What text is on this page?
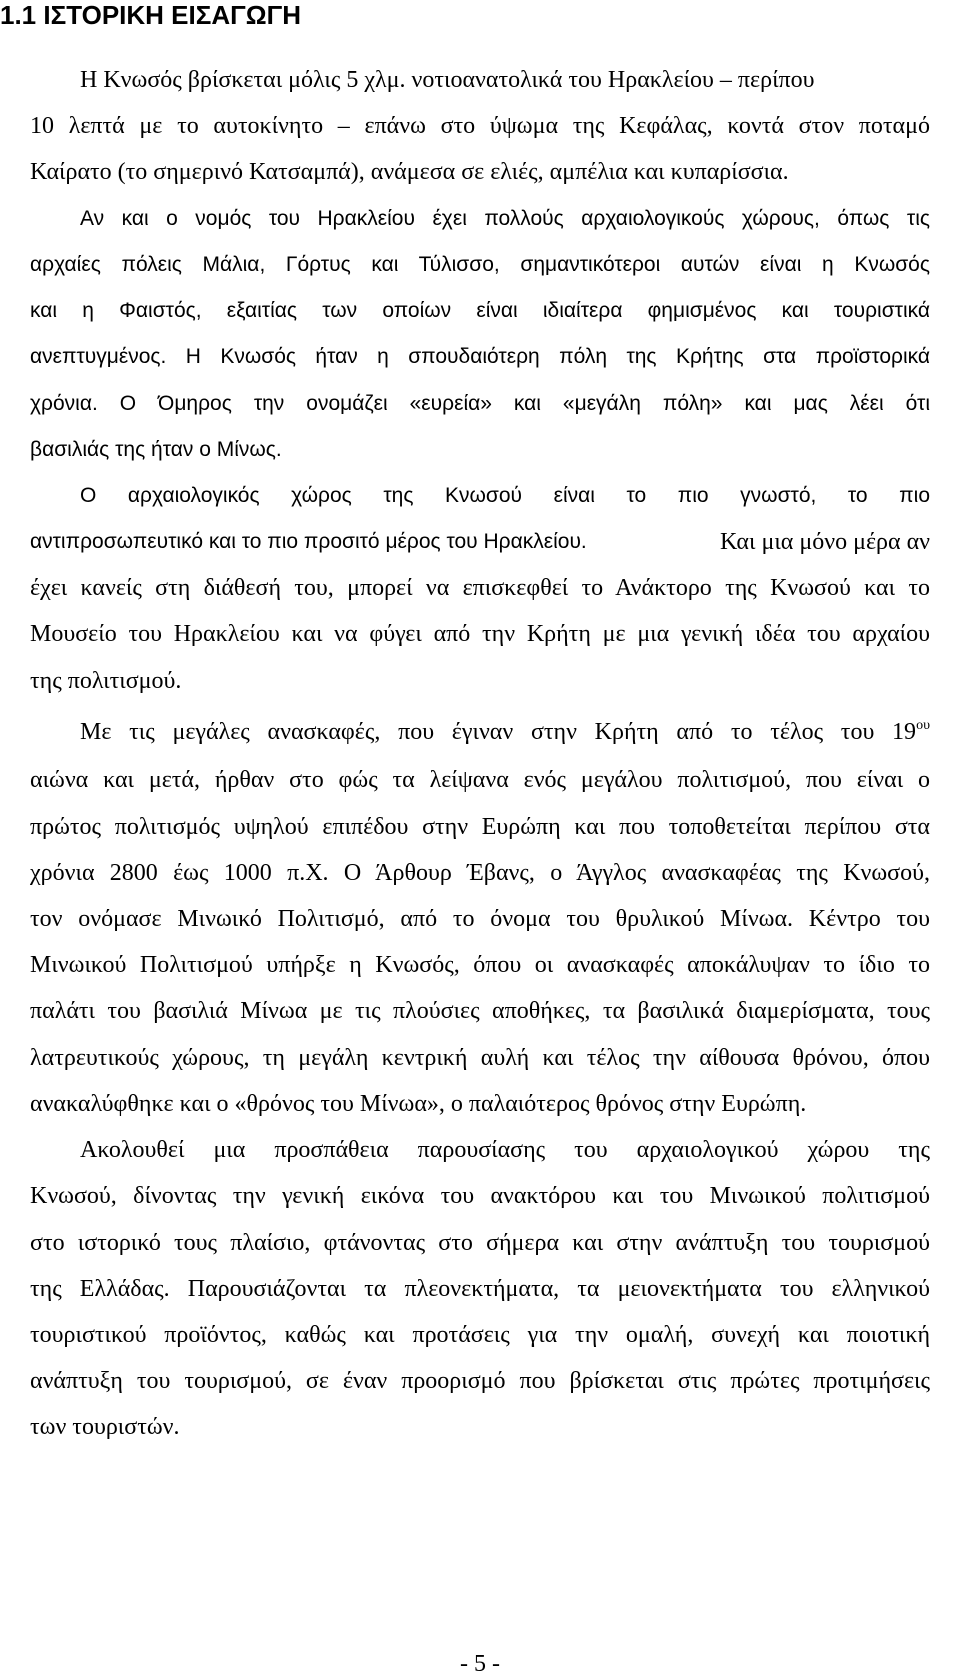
1.1 ΙΣΤΟΡΙΚΗ ΕΙΣΑΓΩΓΗ
Η Κνωσός βρίσκεται μόλις 5 χλμ. νοτιοανατολικά του Ηρακλείου – περίπου
10 λεπτά με το αυτοκίνητο – επάνω στο ύψωμα της Κεφάλας, κοντά στον ποταμό
Καίρατο (το σημερινό Κατσαμπά), ανάμεσα σε ελιές, αμπέλια και κυπαρίσσια.
Αν και ο νομός του Ηρακλείου έχει πολλούς αρχαιολογικούς χώρους, όπως τις
αρχαίες πόλεις Μάλια, Γόρτυς και Τύλισσο, σημαντικότεροι αυτών είναι η Κνωσός
και η Φαιστός, εξαιτίας των οποίων είναι ιδιαίτερα φημισμένος και τουριστικά
ανεπτυγμένος. Η Κνωσός ήταν η σπουδαιότερη πόλη της Κρήτης στα προϊστορικά
χρόνια. Ο Όμηρος την ονομάζει «ευρεία» και «μεγάλη πόλη» και μας λέει ότι
βασιλιάς της ήταν ο Μίνως.
Ο αρχαιολογικός χώρος της Κνωσού είναι το πιο γνωστό, το πιο
αντιπροσωπευτικό και το πιο προσιτό μέρος του Ηρακλείου.	Και μια μόνο μέρα αν
έχει κανείς στη διάθεσή του, μπορεί να επισκεφθεί το Ανάκτορο της Κνωσού και το
Μουσείο του Ηρακλείου και να φύγει από την Κρήτη με μια γενική ιδέα του αρχαίου
της πολιτισμού.
Με τις μεγάλες ανασκαφές, που έγιναν στην Κρήτη από το τέλος του $19^{o\upsilon}$
αιώνα και μετά, ήρθαν στο φώς τα λείψανα ενός μεγάλου πολιτισμού, που είναι ο
πρώτος πολιτισμός υψηλού επιπέδου στην Ευρώπη και που τοποθετείται περίπου στα
χρόνια 2800 έως 1000 π.Χ. Ο Άρθουρ Έβανς, ο Άγγλος ανασκαφέας της Κνωσού,
τον ονόμασε Μινωικό Πολιτισμό, από το όνομα του θρυλικού Μίνωα. Κέντρο του
Μινωικού Πολιτισμού υπήρξε η Κνωσός, όπου οι ανασκαφές αποκάλυψαν το ίδιο το
παλάτι του βασιλιά Μίνωα με τις πλούσιες αποθήκες, τα βασιλικά διαμερίσματα, τους
λατρευτικούς χώρους, τη μεγάλη κεντρική αυλή και τέλος την αίθουσα θρόνου, όπου
ανακαλύφθηκε και ο «θρόνος του Μίνωα», ο παλαιότερος θρόνος στην Ευρώπη.
Ακολουθεί μια προσπάθεια παρουσίασης του αρχαιολογικού χώρου της
Κνωσού, δίνοντας την γενική εικόνα του ανακτόρου και του Μινωικού πολιτισμού
στο ιστορικό τους πλαίσιο, φτάνοντας στο σήμερα και στην ανάπτυξη του τουρισμού
της Ελλάδας. Παρουσιάζονται τα πλεονεκτήματα, τα μειονεκτήματα του ελληνικού
τουριστικού προϊόντος, καθώς και προτάσεις για την ομαλή, συνεχή και ποιοτική
ανάπτυξη του τουρισμού, σε έναν προορισμό που βρίσκεται στις πρώτες προτιμήσεις
των τουριστών.
- 5 -
